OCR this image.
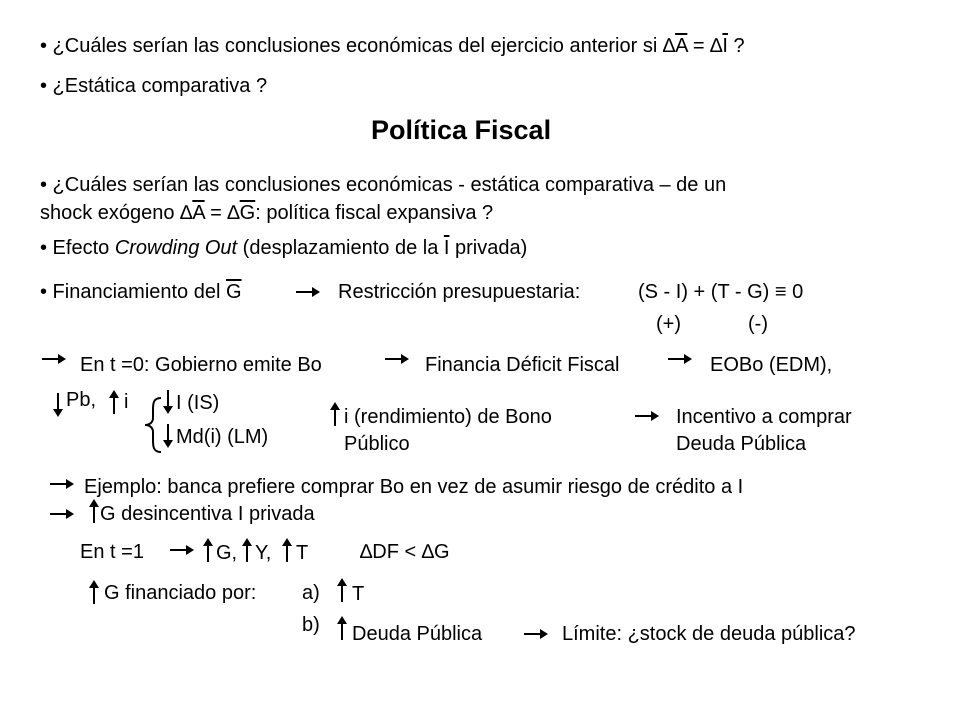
• ¿Cuáles serían las conclusiones económicas del ejercicio anterior si $\Delta\overline{A} = \Delta\overline{I}$ ?
• ¿Estática comparativa ?
Política Fiscal
• ¿Cuáles serían las conclusiones económicas - estática comparativa – de un
shock exógeno $\Delta\overline{A} = \Delta\overline{G}$: política fiscal expansiva ?
• Efecto Crowding Out (desplazamiento de la $\overline{I}$ privada)
• Financiamiento del $\overline{G}$	Restricción presupuestaria:	(S - I) + (T - G) ≡ 0
(+)	(-)
En t =0: Gobierno emite Bo	Financia Déficit Fiscal	EOBo (EDM),
Pb, i I (IS)
Md(i) (LM)
i (rendimiento) de Bono
Público
Incentivo a comprar
Deuda Pública
Ejemplo: banca prefiere comprar Bo en vez de asumir riesgo de crédito a I
G desincentiva I privada
En t =1	G, Y, T	∆DF < ∆G
G financiado por: a) T
b) Deuda Pública	Límite: ¿stock de deuda pública?
